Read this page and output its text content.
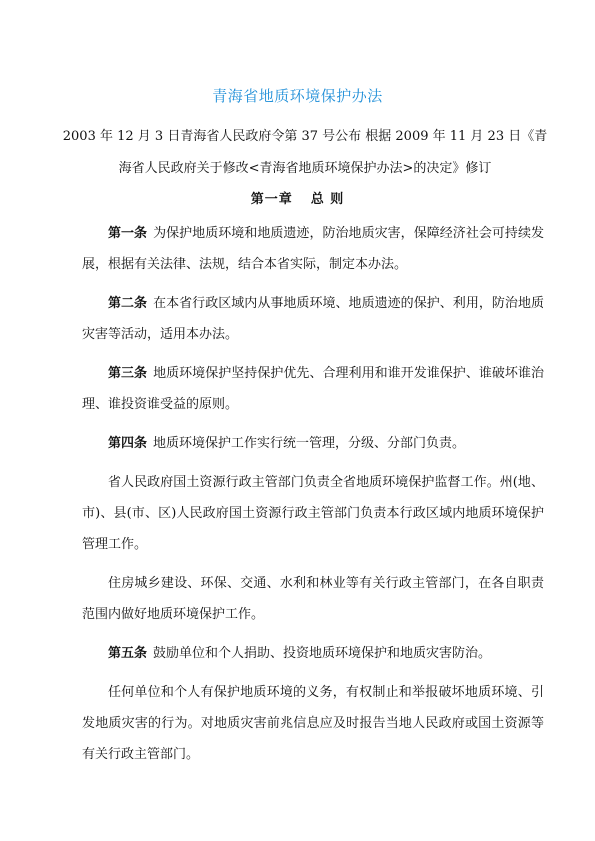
青海省地质环境保护办法
2003 年 12 月 3 日青海省人民政府令第 37 号公布 根据 2009 年 11 月 23 日《青海省人民政府关于修改<青海省地质环境保护办法>的决定》修订
第一章 总 则

第一条 为保护地质环境和地质遗迹，防治地质灾害，保障经济社会可持续发展，根据有关法律、法规，结合本省实际，制定本办法。

第二条 在本省行政区域内从事地质环境、地质遗迹的保护、利用，防治地质灾害等活动，适用本办法。

第三条 地质环境保护坚持保护优先、合理利用和谁开发谁保护、谁破坏谁治理、谁投资谁受益的原则。

第四条 地质环境保护工作实行统一管理，分级、分部门负责。

省人民政府国土资源行政主管部门负责全省地质环境保护监督工作。州(地、市)、县(市、区)人民政府国土资源行政主管部门负责本行政区域内地质环境保护管理工作。

住房城乡建设、环保、交通、水利和林业等有关行政主管部门，在各自职责范围内做好地质环境保护工作。

第五条 鼓励单位和个人捐助、投资地质环境保护和地质灾害防治。

任何单位和个人有保护地质环境的义务，有权制止和举报破坏地质环境、引发地质灾害的行为。对地质灾害前兆信息应及时报告当地人民政府或国土资源等有关行政主管部门。
